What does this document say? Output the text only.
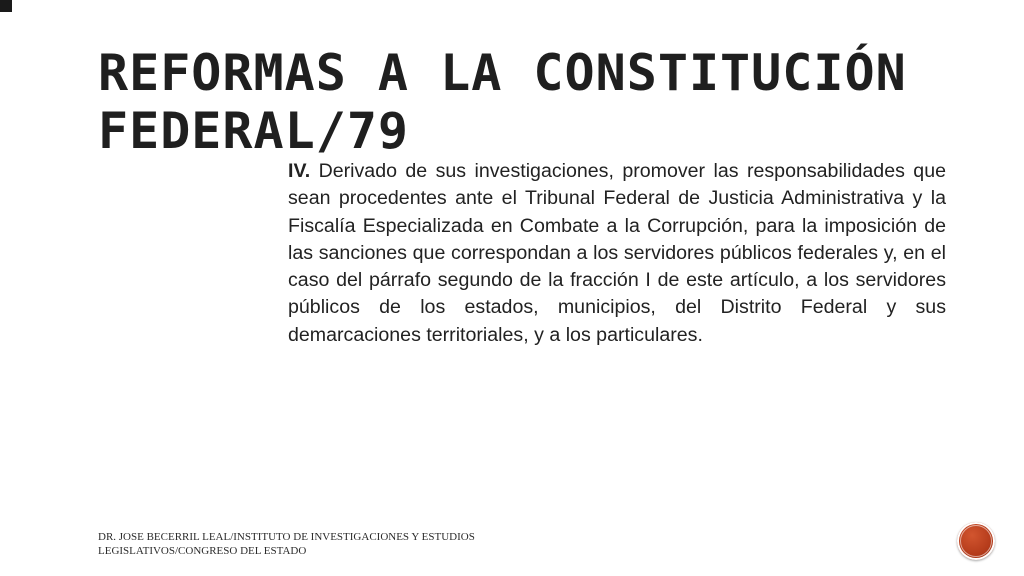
REFORMAS A LA CONSTITUCIÓN
FEDERAL/79

IV. Derivado de sus investigaciones, promover las responsabilidades que sean procedentes ante el Tribunal Federal de Justicia Administrativa y la Fiscalía Especializada en Combate a la Corrupción, para la imposición de las sanciones que correspondan a los servidores públicos federales y, en el caso del párrafo segundo de la fracción I de este artículo, a los servidores públicos de los estados, municipios, del Distrito Federal y sus demarcaciones territoriales, y a los particulares.

DR. JOSE BECERRIL LEAL/INSTITUTO DE INVESTIGACIONES Y ESTUDIOS LEGISLATIVOS/CONGRESO DEL ESTADO
